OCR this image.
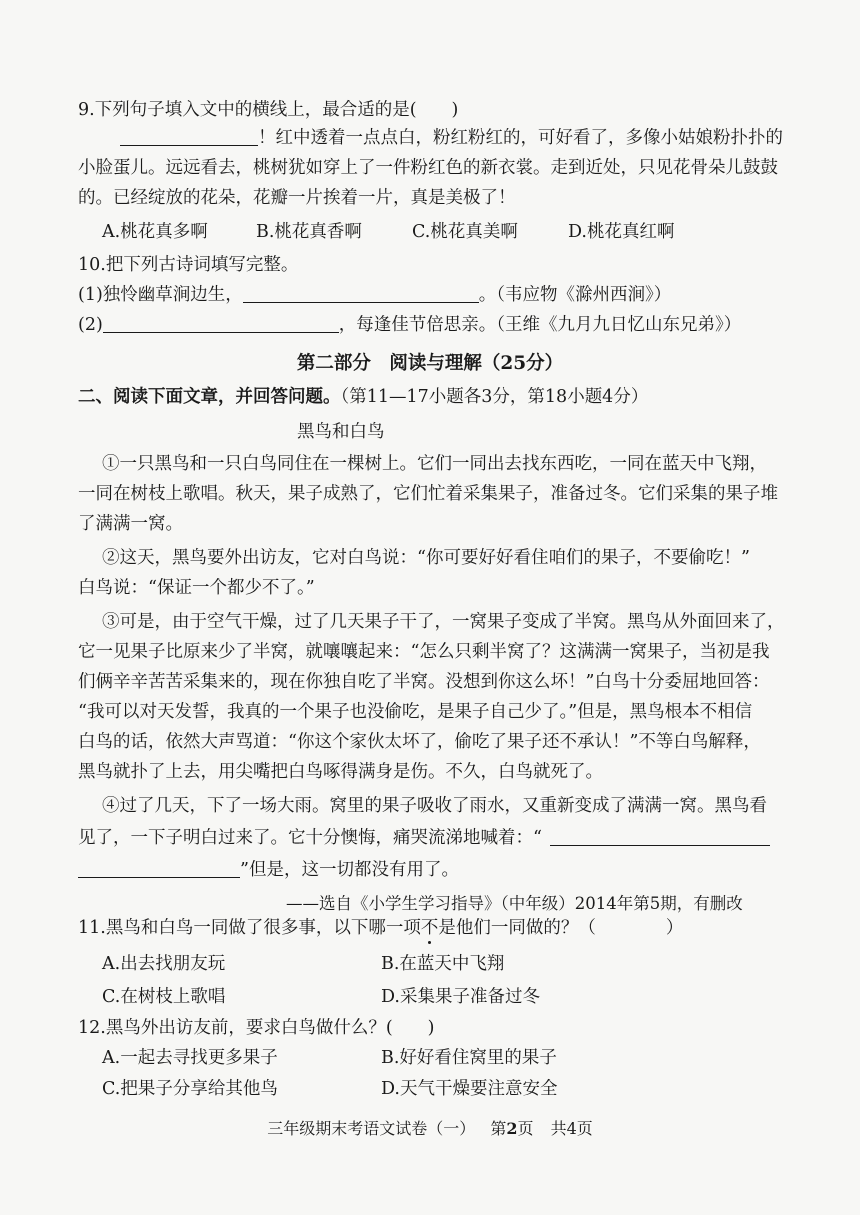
9.下列句子填入文中的横线上，最合适的是(　　)
！红中透着一点点白，粉红粉红的，可好看了，多像小姑娘粉扑扑的
小脸蛋儿。远远看去，桃树犹如穿上了一件粉红色的新衣裳。走到近处，只见花骨朵儿鼓鼓
的。已经绽放的花朵，花瓣一片挨着一片，真是美极了！
A.桃花真多啊	B.桃花真香啊	C.桃花真美啊	D.桃花真红啊
10.把下列古诗词填写完整。
(1)独怜幽草涧边生，	。（韦应物《滁州西涧》）
(2)	，每逢佳节倍思亲。（王维《九月九日忆山东兄弟》）
第二部分　阅读与理解（25分）
二、阅读下面文章，并回答问题。（第11—17小题各3分，第18小题4分）
黑鸟和白鸟
①一只黑鸟和一只白鸟同住在一棵树上。它们一同出去找东西吃，一同在蓝天中飞翔，
一同在树枝上歌唱。秋天，果子成熟了，它们忙着采集果子，准备过冬。它们采集的果子堆
了满满一窝。
②这天，黑鸟要外出访友，它对白鸟说：“你可要好好看住咱们的果子，不要偷吃！”
白鸟说：“保证一个都少不了。”
③可是，由于空气干燥，过了几天果子干了，一窝果子变成了半窝。黑鸟从外面回来了，
它一见果子比原来少了半窝，就嚷嚷起来：“怎么只剩半窝了？这满满一窝果子，当初是我
们俩辛辛苦苦采集来的，现在你独自吃了半窝。没想到你这么坏！”白鸟十分委屈地回答：
“我可以对天发誓，我真的一个果子也没偷吃，是果子自己少了。”但是，黑鸟根本不相信
白鸟的话，依然大声骂道：“你这个家伙太坏了，偷吃了果子还不承认！”不等白鸟解释，
黑鸟就扑了上去，用尖嘴把白鸟啄得满身是伤。不久，白鸟就死了。
④过了几天，下了一场大雨。窝里的果子吸收了雨水，又重新变成了满满一窝。黑鸟看
见了，一下子明白过来了。它十分懊悔，痛哭流涕地喊着：“
”但是，这一切都没有用了。
——选自《小学生学习指导》（中年级）2014年第5期，有删改
11.黑鸟和白鸟一同做了很多事，以下哪一项不是他们一同做的？（　　　　）
A.出去找朋友玩	B.在蓝天中飞翔
C.在树枝上歌唱	D.采集果子准备过冬
12.黑鸟外出访友前，要求白鸟做什么？(　　)
A.一起去寻找更多果子	B.好好看住窝里的果子
C.把果子分享给其他鸟	D.天气干燥要注意安全
三年级期末考语文试卷（一） 第2页 共4页
